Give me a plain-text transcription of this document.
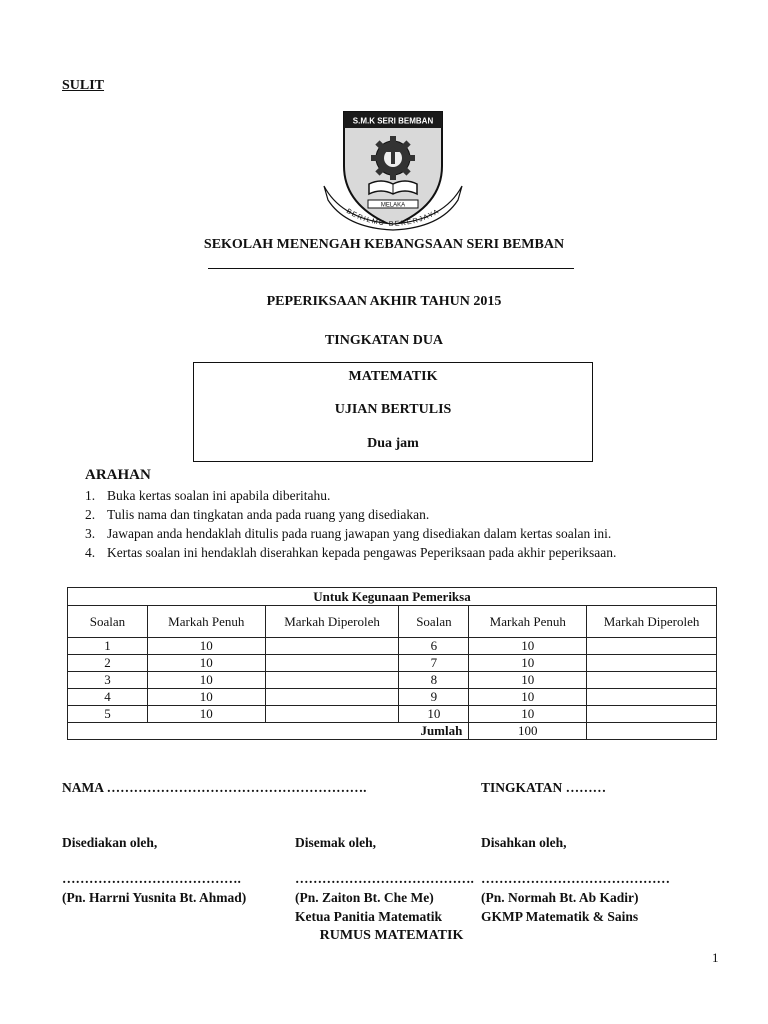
SULIT
S.M.K SERI BEMBAN
MELAKA
BERILMU BEKERJAYA
SEKOLAH MENENGAH KEBANGSAAN SERI BEMBAN
PEPERIKSAAN AKHIR TAHUN 2015
TINGKATAN DUA
MATEMATIK
UJIAN BERTULIS
Dua jam
ARAHAN
1. Buka kertas soalan ini apabila diberitahu.
2. Tulis nama dan tingkatan anda pada ruang yang disediakan.
3. Jawapan anda hendaklah ditulis pada ruang jawapan yang disediakan dalam kertas soalan ini.
4. Kertas soalan ini hendaklah diserahkan kepada pengawas Peperiksaan pada akhir peperiksaan.
Untuk Kegunaan Pemeriksa					
Soalan	Markah Penuh	Markah Diperoleh	Soalan	Markah Penuh	Markah Diperoleh
1	10		6	10	
2	10		7	10	
3	10		8	10	
4	10		9	10	
5	10		10	10	
Jumlah				100	
NAMA ………………………………………………….	TINGKATAN ………
Disediakan oleh,
………………………………….
(Pn. Harrni Yusnita Bt. Ahmad)
Disemak oleh,
………………………………….
(Pn. Zaiton Bt. Che Me)
Ketua Panitia Matematik
Disahkan oleh,
……………………………………
(Pn. Normah Bt. Ab Kadir)
GKMP Matematik & Sains
RUMUS MATEMATIK
1
